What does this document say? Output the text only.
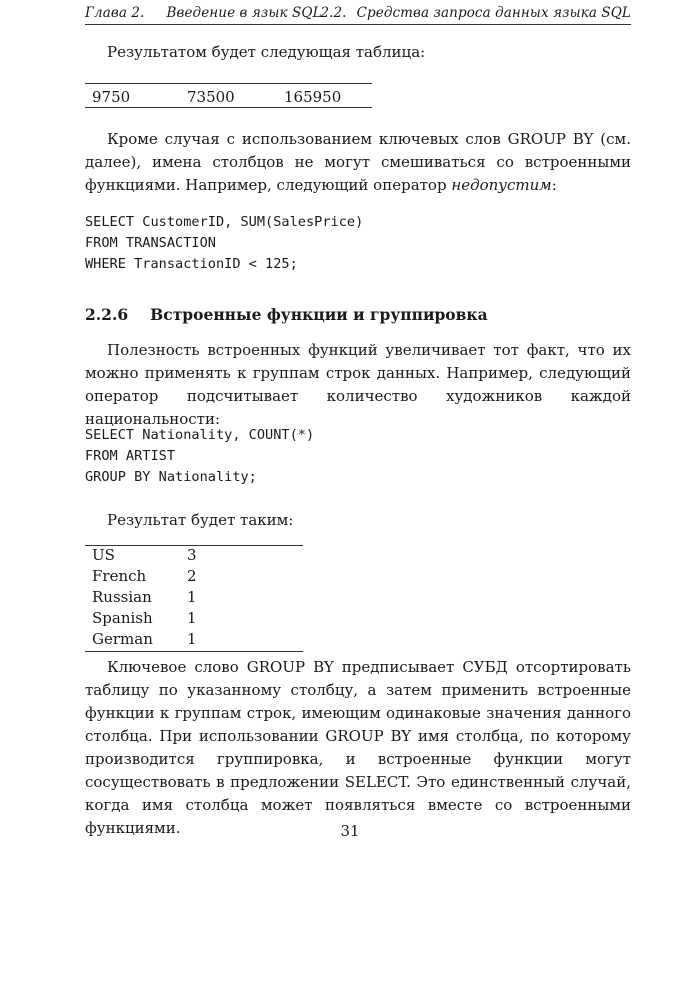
Глава 2. Введение в язык SQL
2.2. Средства запроса данных языка SQL

Результатом будет следующая таблица:

9750	73500	165950

Кроме случая с использованием ключевых слов GROUP BY (см. далее), имена столбцов не могут смешиваться со встроенными функциями. Например, следующий оператор недопустим:

SELECT CustomerID, SUM(SalesPrice)
FROM TRANSACTION
WHERE TransactionID < 125;
2.2.6 Встроенные функции и группировка

Полезность встроенных функций увеличивает тот факт, что их можно применять к группам строк данных. Например, следующий оператор подсчитывает количество художников каждой национальности:

SELECT Nationality, COUNT(*)
FROM ARTIST
GROUP BY Nationality;

Результат будет таким:

US	3
French	2
Russian	1
Spanish	1
German	1

Ключевое слово GROUP BY предписывает СУБД отсортировать таблицу по указанному столбцу, а затем применить встроенные функции к группам строк, имеющим одинаковые значения данного столбца. При использовании GROUP BY имя столбца, по которому производится группировка, и встроенные функции могут сосуществовать в предложении SELECT. Это единственный случай, когда имя столбца может появляться вместе со встроенными функциями.	31
